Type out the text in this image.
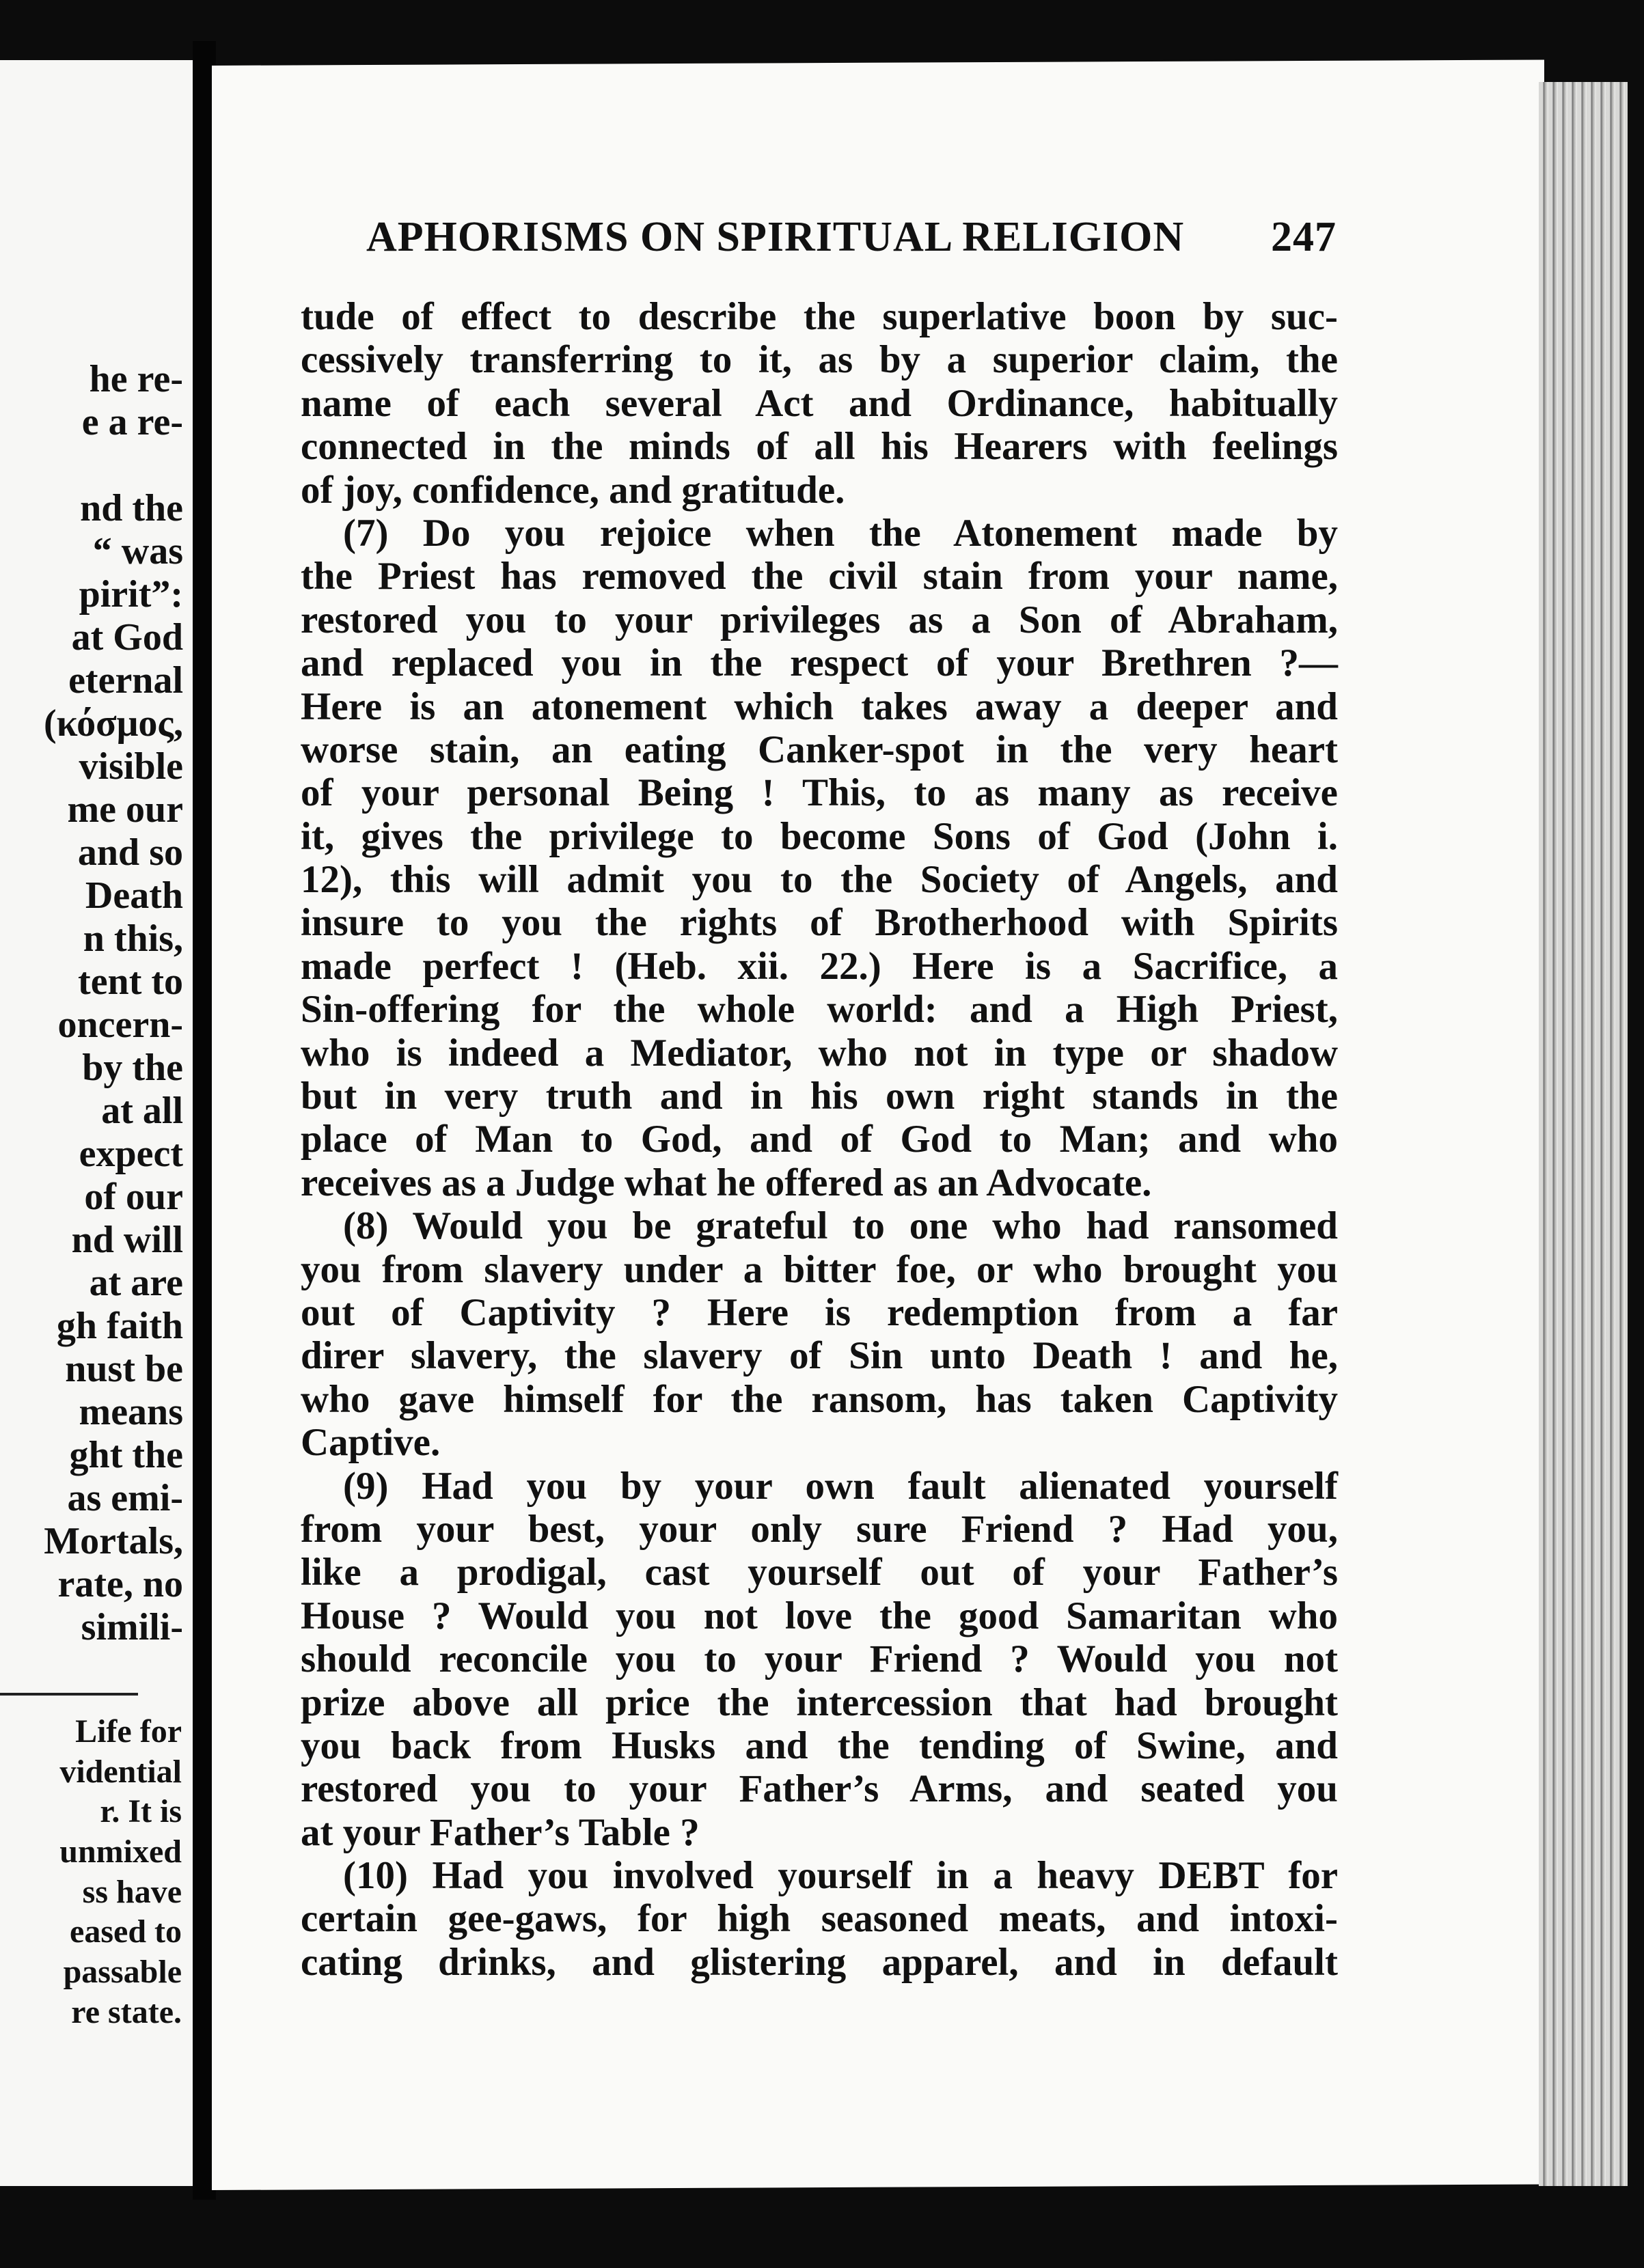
he re-
e a re-
nd the
“ was
pirit”:
at God
eternal
(κόσμος,
visible
me our
and so
Death
n this,
tent to
oncern-
by the
at all
expect
of our
nd will
at are
gh faith
nust be
means
ght the
as emi-
Mortals,
rate, no
simili-
Life for
vidential
r. It is
unmixed
ss have
eased to
passable
re state.
APHORISMS ON SPIRITUAL RELIGION 247
tude of effect to describe the superlative boon by suc-
cessively transferring to it, as by a superior claim, the
name of each several Act and Ordinance, habitually
connected in the minds of all his Hearers with feelings
of joy, confidence, and gratitude.
(7) Do you rejoice when the Atonement made by
the Priest has removed the civil stain from your name,
restored you to your privileges as a Son of Abraham,
and replaced you in the respect of your Brethren ?—
Here is an atonement which takes away a deeper and
worse stain, an eating Canker-spot in the very heart
of your personal Being ! This, to as many as receive
it, gives the privilege to become Sons of God (John i.
12), this will admit you to the Society of Angels, and
insure to you the rights of Brotherhood with Spirits
made perfect ! (Heb. xii. 22.) Here is a Sacrifice, a
Sin-offering for the whole world: and a High Priest,
who is indeed a Mediator, who not in type or shadow
but in very truth and in his own right stands in the
place of Man to God, and of God to Man; and who
receives as a Judge what he offered as an Advocate.
(8) Would you be grateful to one who had ransomed
you from slavery under a bitter foe, or who brought you
out of Captivity ? Here is redemption from a far
direr slavery, the slavery of Sin unto Death ! and he,
who gave himself for the ransom, has taken Captivity
Captive.
(9) Had you by your own fault alienated yourself
from your best, your only sure Friend ? Had you,
like a prodigal, cast yourself out of your Father’s
House ? Would you not love the good Samaritan who
should reconcile you to your Friend ? Would you not
prize above all price the intercession that had brought
you back from Husks and the tending of Swine, and
restored you to your Father’s Arms, and seated you
at your Father’s Table ?
(10) Had you involved yourself in a heavy DEBT for
certain gee-gaws, for high seasoned meats, and intoxi-
cating drinks, and glistering apparel, and in default
